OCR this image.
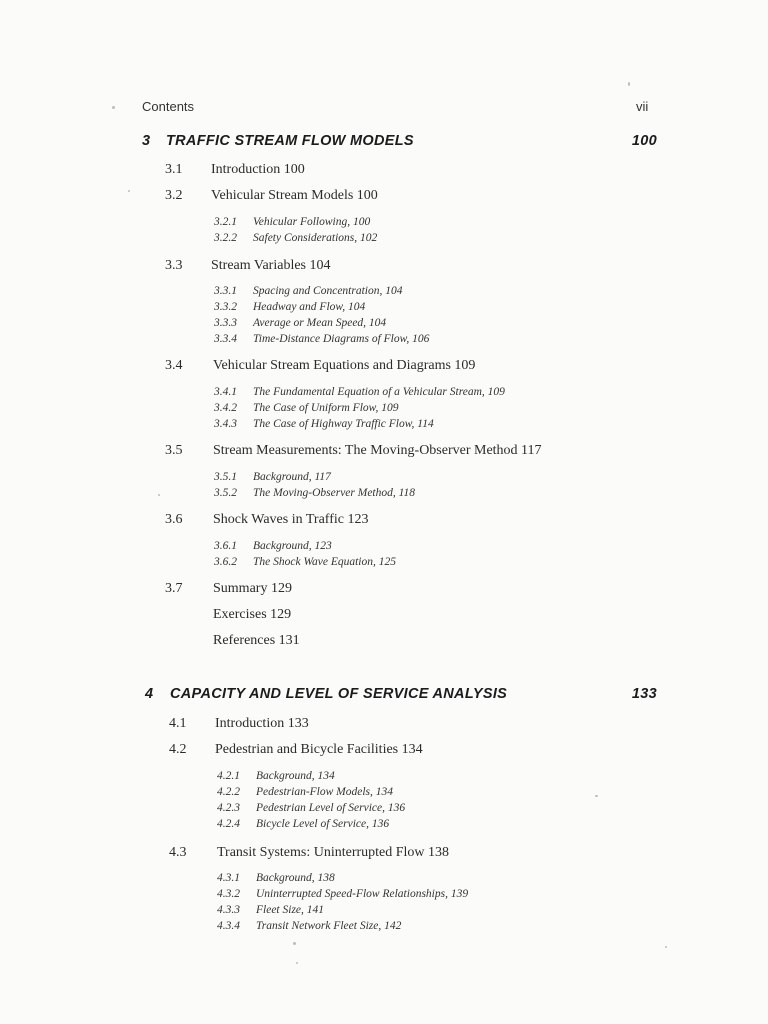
Contents	vii
3 TRAFFIC STREAM FLOW MODELS	100
3.1 Introduction 100
3.2 Vehicular Stream Models 100
3.2.1 Vehicular Following, 100
3.2.2 Safety Considerations, 102
3.3 Stream Variables 104
3.3.1 Spacing and Concentration, 104
3.3.2 Headway and Flow, 104
3.3.3 Average or Mean Speed, 104
3.3.4 Time-Distance Diagrams of Flow, 106
3.4 Vehicular Stream Equations and Diagrams 109
3.4.1 The Fundamental Equation of a Vehicular Stream, 109
3.4.2 The Case of Uniform Flow, 109
3.4.3 The Case of Highway Traffic Flow, 114
3.5 Stream Measurements: The Moving-Observer Method 117
3.5.1 Background, 117
3.5.2 The Moving-Observer Method, 118
3.6 Shock Waves in Traffic 123
3.6.1 Background, 123
3.6.2 The Shock Wave Equation, 125
3.7 Summary 129
Exercises 129
References 131
4 CAPACITY AND LEVEL OF SERVICE ANALYSIS	133
4.1 Introduction 133
4.2 Pedestrian and Bicycle Facilities 134
4.2.1 Background, 134
4.2.2 Pedestrian-Flow Models, 134
4.2.3 Pedestrian Level of Service, 136
4.2.4 Bicycle Level of Service, 136
4.3 Transit Systems: Uninterrupted Flow 138
4.3.1 Background, 138
4.3.2 Uninterrupted Speed-Flow Relationships, 139
4.3.3 Fleet Size, 141
4.3.4 Transit Network Fleet Size, 142
